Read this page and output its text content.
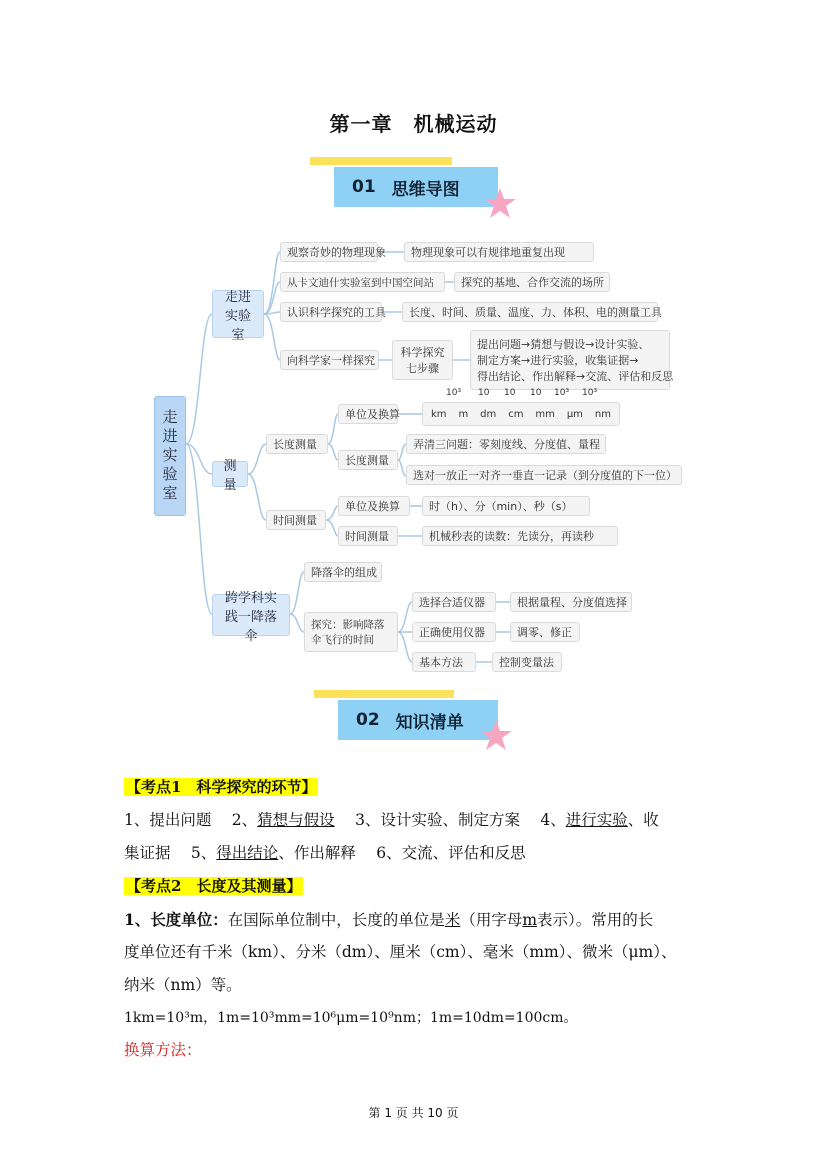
第一章　机械运动
01 思维导图
走进实验室
走进实验室
观察奇妙的物理现象	物理现象可以有规律地重复出现
从卡文迪什实验室到中国空间站	探究的基地、合作交流的场所
认识科学探究的工具	长度、时间、质量、温度、力、体积、电的测量工具
向科学家一样探究
科学探究七步骤
提出问题→猜想与假设→设计实验、
制定方案→进行实验，收集证据→
得出结论、作出解释→交流、评估和反思
测量
长度测量
单位及换算	km m dm cm mm μm nm
10³ 10 10 10 10³ 10³
长度测量
弄清三问题：零刻度线、分度值、量程
选对一放正一对齐一垂直一记录（到分度值的下一位）
时间测量
单位及换算	时（h）、分（min）、秒（s）
时间测量	机械秒表的读数：先读分，再读秒
跨学科实践一降落伞
降落伞的组成
探究：影响降落伞飞行的时间
选择合适仪器	根据量程、分度值选择
正确使用仪器	调零、修正
基本方法	控制变量法
02 知识清单
【考点1　科学探究的环节】
1、提出问题　 2、猜想与假设　 3、设计实验、制定方案　 4、进行实验、收
集证据　 5、得出结论、作出解释　 6、交流、评估和反思
【考点2　长度及其测量】
1、长度单位：在国际单位制中，长度的单位是米（用字母m表示）。常用的长
度单位还有千米（km）、分米（dm）、厘米（cm）、毫米（mm）、微米（μm）、
纳米（nm）等。
1km=10³m，1m=10³mm=10⁶μm=10⁹nm；1m=10dm=100cm。
换算方法：
第 1 页 共 10 页
